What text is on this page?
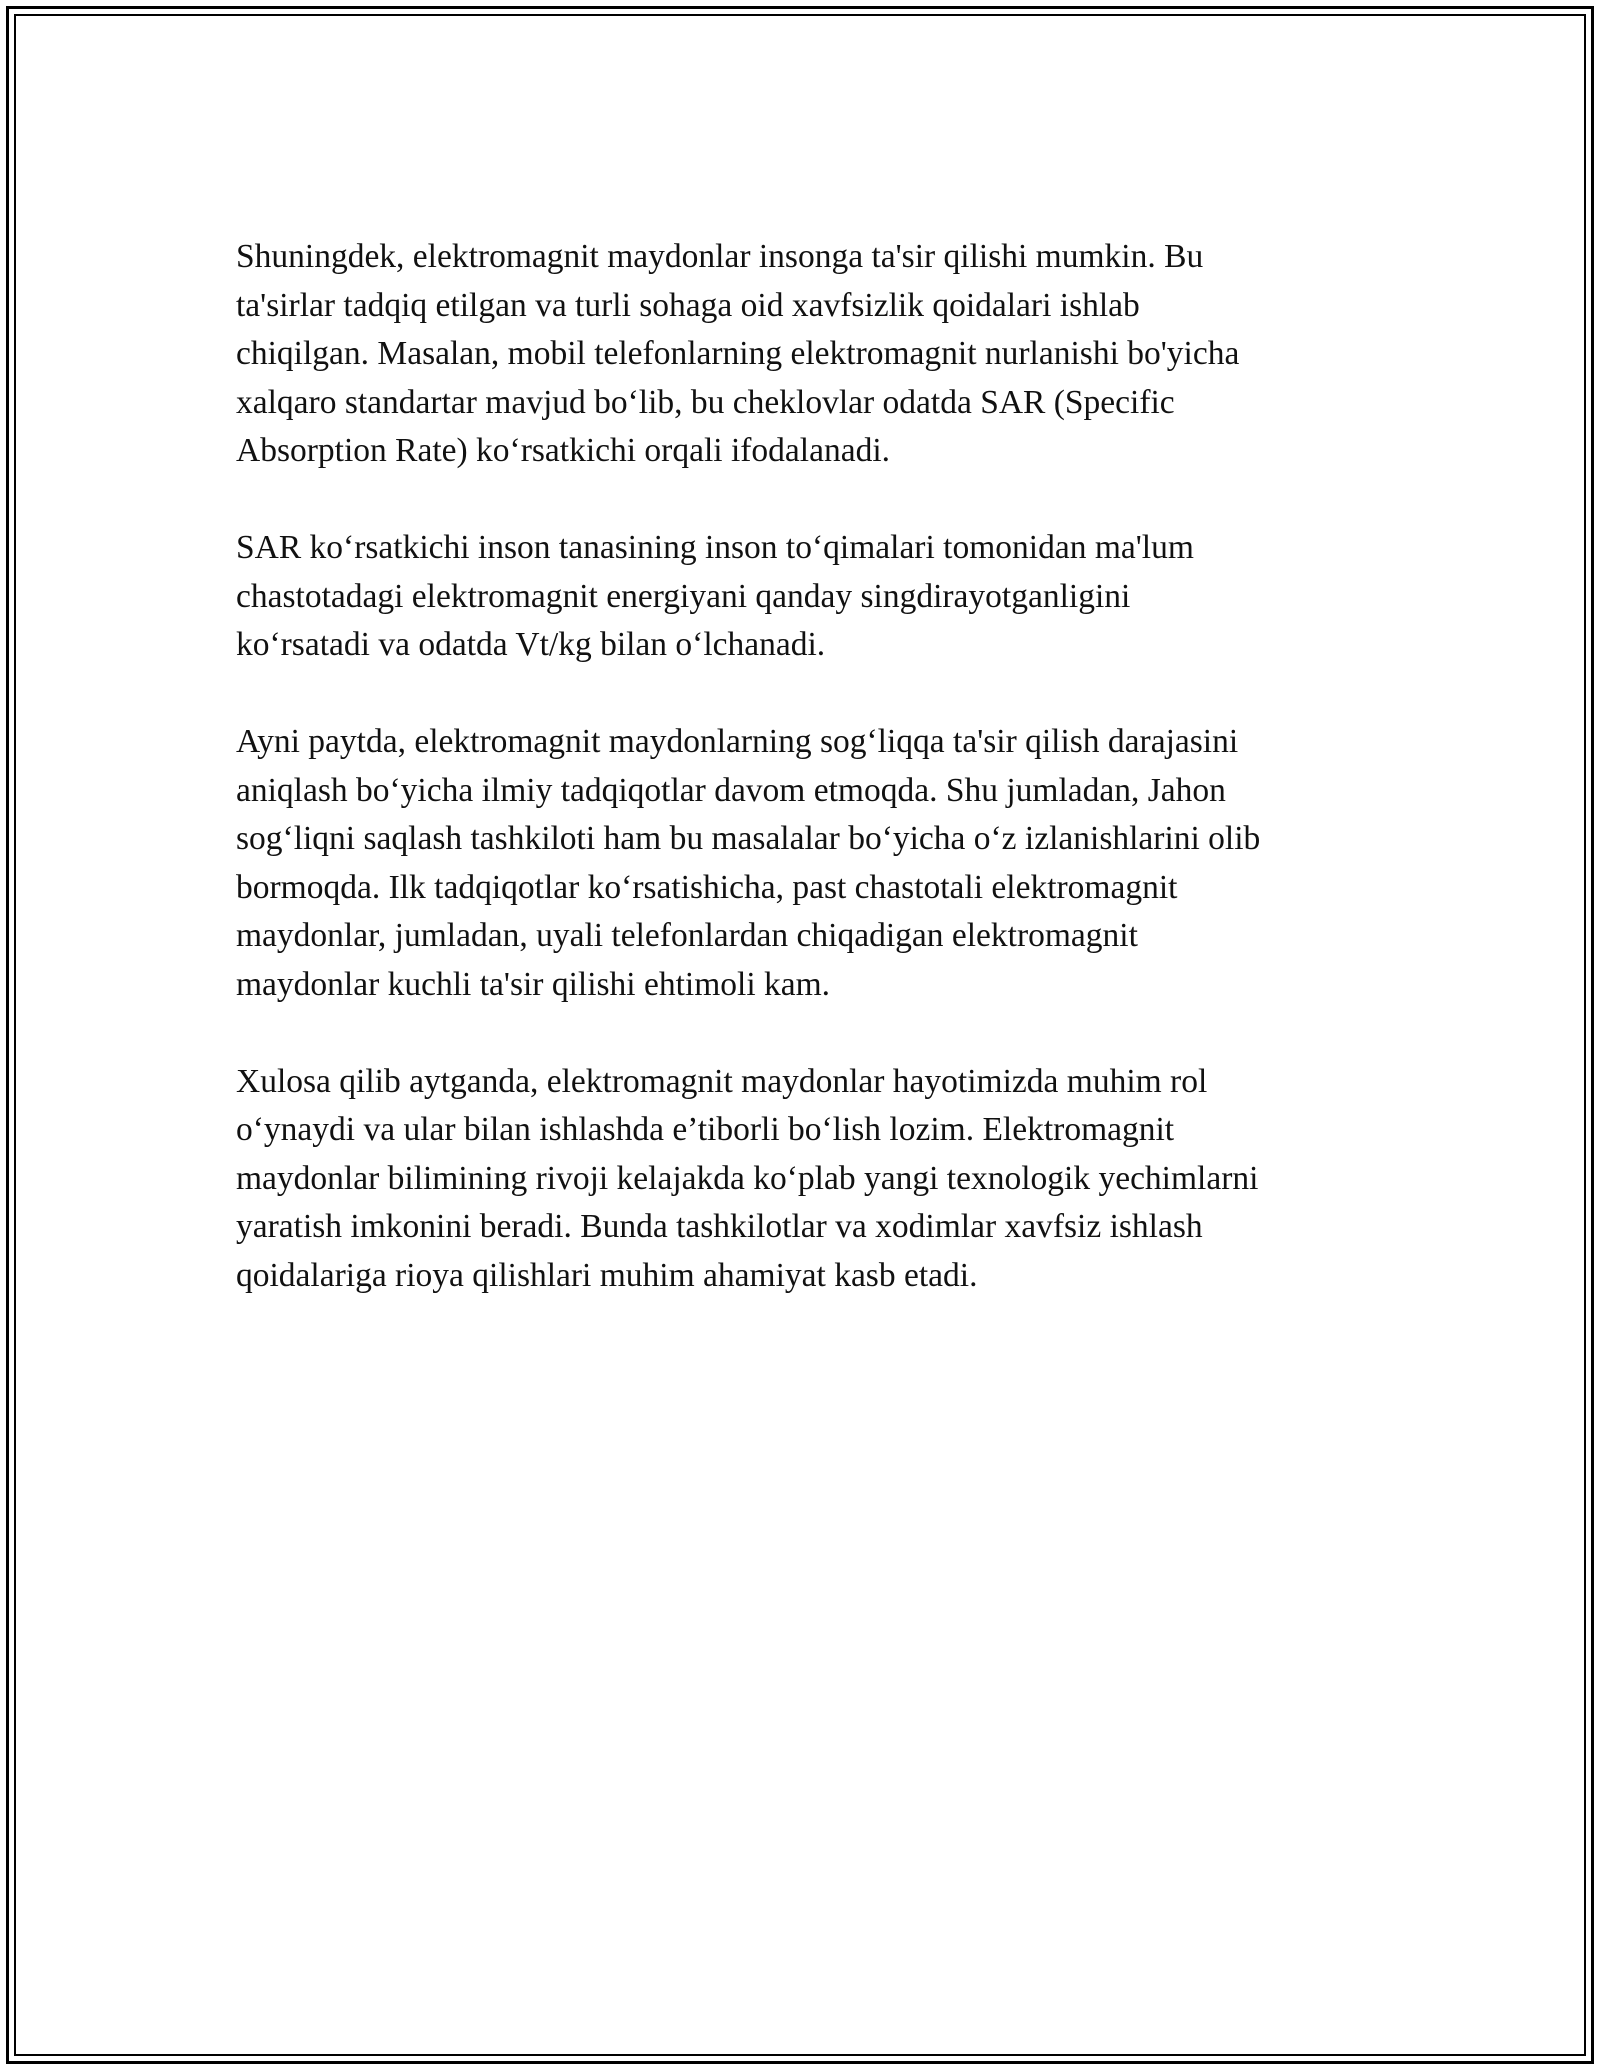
Shuningdek, elektromagnit maydonlar insonga ta'sir qilishi mumkin. Bu
ta'sirlar tadqiq etilgan va turli sohaga oid xavfsizlik qoidalari ishlab
chiqilgan. Masalan, mobil telefonlarning elektromagnit nurlanishi bo'yicha
xalqaro standartar mavjud bo‘lib, bu cheklovlar odatda SAR (Specific
Absorption Rate) ko‘rsatkichi orqali ifodalanadi.

SAR ko‘rsatkichi inson tanasining inson to‘qimalari tomonidan ma'lum
chastotadagi elektromagnit energiyani qanday singdirayotganligini
ko‘rsatadi va odatda Vt/kg bilan o‘lchanadi.

Ayni paytda, elektromagnit maydonlarning sog‘liqqa ta'sir qilish darajasini
aniqlash bo‘yicha ilmiy tadqiqotlar davom etmoqda. Shu jumladan, Jahon
sog‘liqni saqlash tashkiloti ham bu masalalar bo‘yicha o‘z izlanishlarini olib
bormoqda. Ilk tadqiqotlar ko‘rsatishicha, past chastotali elektromagnit
maydonlar, jumladan, uyali telefonlardan chiqadigan elektromagnit
maydonlar kuchli ta'sir qilishi ehtimoli kam.

Xulosa qilib aytganda, elektromagnit maydonlar hayotimizda muhim rol
o‘ynaydi va ular bilan ishlashda e’tiborli bo‘lish lozim. Elektromagnit
maydonlar bilimining rivoji kelajakda ko‘plab yangi texnologik yechimlarni
yaratish imkonini beradi. Bunda tashkilotlar va xodimlar xavfsiz ishlash
qoidalariga rioya qilishlari muhim ahamiyat kasb etadi.
